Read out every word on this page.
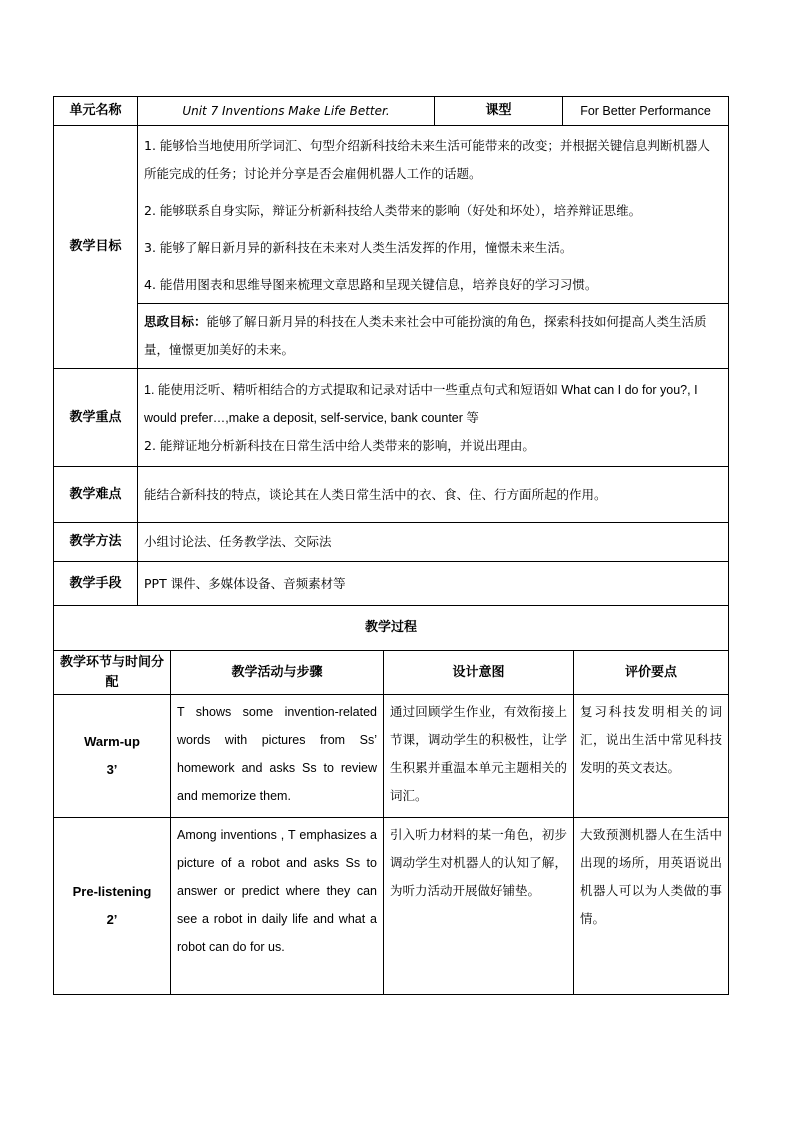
单元名称	Unit 7 Inventions Make Life Better.	课型	For Better Performance
教学目标	1. 能够恰当地使用所学词汇、句型介绍新科技给未来生活可能带来的改变；并根据关键信息判断机器人所能完成的任务；讨论并分享是否会雇佣机器人工作的话题。

2. 能够联系自身实际，辩证分析新科技给人类带来的影响（好处和坏处），培养辩证思维。

3. 能够了解日新月异的新科技在未来对人类生活发挥的作用，憧憬未来生活。

4. 能借用图表和思维导图来梳理文章思路和呈现关键信息，培养良好的学习习惯。		

	思政目标：能够了解日新月异的科技在人类未来社会中可能扮演的角色，探索科技如何提高人类生活质量，憧憬更加美好的未来。		

教学重点	1. 能使用泛听、精听相结合的方式提取和记录对话中一些重点句式和短语如 What can I do for you?, I would prefer…,make a deposit, self-service, bank counter 等

2. 能辩证地分析新科技在日常生活中给人类带来的影响，并说出理由。		

教学难点	能结合新科技的特点，谈论其在人类日常生活中的衣、食、住、行方面所起的作用。		
教学方法	小组讨论法、任务教学法、交际法		
教学手段	PPT 课件、多媒体设备、音频素材等		
教学过程			
教学环节与时间分配	教学活动与步骤	设计意图	评价要点

Warm-up
3’	T shows some invention-related words with pictures from Ss’ homework and asks Ss to review and memorize them.	通过回顾学生作业，有效衔接上节课，调动学生的积极性，让学生积累并重温本单元主题相关的词汇。	复习科技发明相关的词汇，说出生活中常见科技发明的英文表达。

Pre-listening
2’	Among inventions , T emphasizes a picture of a robot and asks Ss to answer or predict where they can see a robot in daily life and what a robot can do for us.	引入听力材料的某一角色，初步调动学生对机器人的认知了解，为听力活动开展做好铺垫。	大致预测机器人在生活中出现的场所，用英语说出机器人可以为人类做的事情。
